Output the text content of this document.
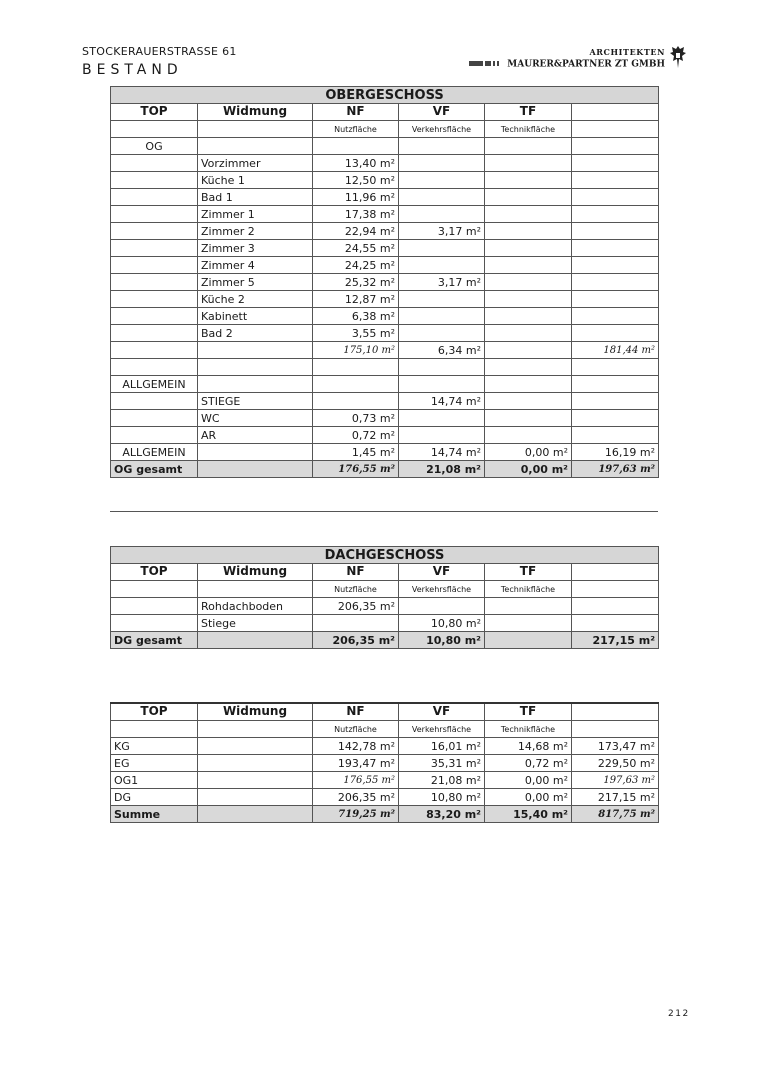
STOCKERAUERSTRASSE 61
BESTAND
ARCHITEKTEN
MAURER&PARTNER ZT GMBH
OBERGESCHOSS					
TOP	Widmung	NF	VF	TF	
		Nutzfläche	Verkehrsfläche	Technikfläche	
OG					
	Vorzimmer	13,40 m²			
	Küche 1	12,50 m²			
	Bad 1	11,96 m²			
	Zimmer 1	17,38 m²			
	Zimmer 2	22,94 m²	3,17 m²		
	Zimmer 3	24,55 m²			
	Zimmer 4	24,25 m²			
	Zimmer 5	25,32 m²	3,17 m²		
	Küche 2	12,87 m²			
	Kabinett	6,38 m²			
	Bad 2	3,55 m²			
		175,10 m²	6,34 m²		181,44 m²

ALLGEMEIN					
	STIEGE		14,74 m²		
	WC	0,73 m²			
	AR	0,72 m²			
ALLGEMEIN		1,45 m²	14,74 m²	0,00 m²	16,19 m²
OG gesamt		176,55 m²	21,08 m²	0,00 m²	197,63 m²
DACHGESCHOSS					
TOP	Widmung	NF	VF	TF	
		Nutzfläche	Verkehrsfläche	Technikfläche	
	Rohdachboden	206,35 m²			
	Stiege		10,80 m²		
DG gesamt		206,35 m²	10,80 m²		217,15 m²
TOP	Widmung	NF	VF	TF	
		Nutzfläche	Verkehrsfläche	Technikfläche	
KG		142,78 m²	16,01 m²	14,68 m²	173,47 m²
EG		193,47 m²	35,31 m²	0,72 m²	229,50 m²
OG1		176,55 m²	21,08 m²	0,00 m²	197,63 m²
DG		206,35 m²	10,80 m²	0,00 m²	217,15 m²
Summe		719,25 m²	83,20 m²	15,40 m²	817,75 m²
212
